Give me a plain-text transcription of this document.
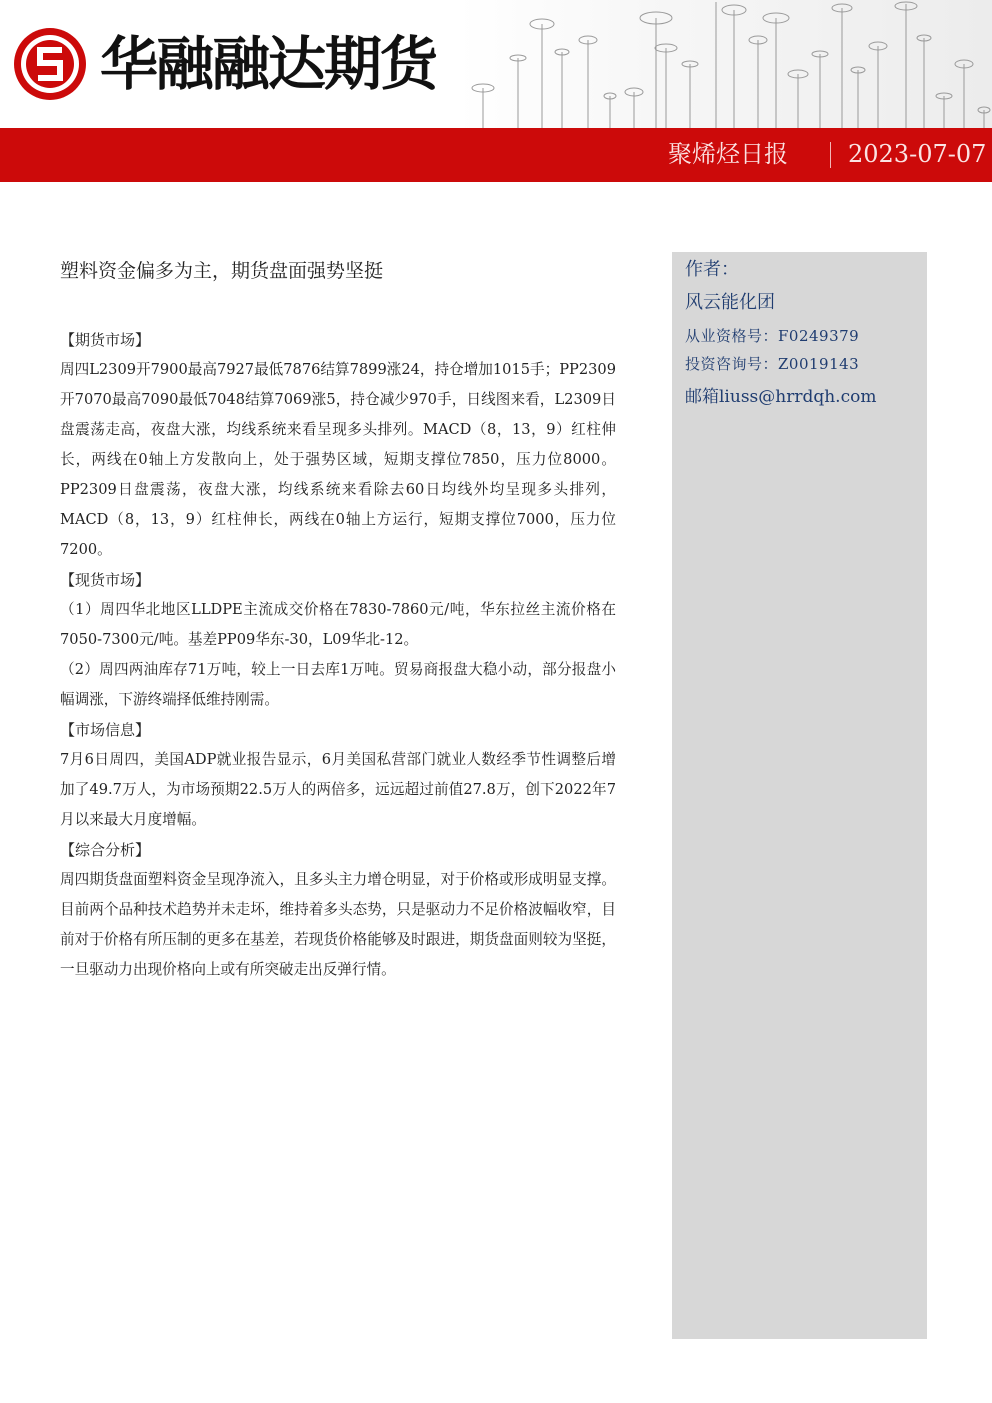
华融融达期货
聚烯烃日报	2023-07-07
塑料资金偏多为主，期货盘面强势坚挺

【期货市场】

周四L2309开7900最高7927最低7876结算7899涨24，持仓增加1015手；PP2309开7070最高7090最低7048结算7069涨5，持仓减少970手，日线图来看，L2309日盘震荡走高，夜盘大涨，均线系统来看呈现多头排列。MACD（8，13，9）红柱伸长，两线在0轴上方发散向上，处于强势区域，短期支撑位7850，压力位8000。PP2309日盘震荡，夜盘大涨，均线系统来看除去60日均线外均呈现多头排列，MACD（8，13，9）红柱伸长，两线在0轴上方运行，短期支撑位7000，压力位7200。

【现货市场】

（1）周四华北地区LLDPE主流成交价格在7830-7860元/吨，华东拉丝主流价格在7050-7300元/吨。基差PP09华东-30，L09华北-12。

（2）周四两油库存71万吨，较上一日去库1万吨。贸易商报盘大稳小动，部分报盘小幅调涨，下游终端择低维持刚需。

【市场信息】

7月6日周四，美国ADP就业报告显示，6月美国私营部门就业人数经季节性调整后增加了49.7万人，为市场预期22.5万人的两倍多，远远超过前值27.8万，创下2022年7月以来最大月度增幅。

【综合分析】

周四期货盘面塑料资金呈现净流入，且多头主力增仓明显，对于价格或形成明显支撑。目前两个品种技术趋势并未走坏，维持着多头态势，只是驱动力不足价格波幅收窄，目前对于价格有所压制的更多在基差，若现货价格能够及时跟进，期货盘面则较为坚挺，一旦驱动力出现价格向上或有所突破走出反弹行情。

作者：
风云能化团
从业资格号：F0249379
投资咨询号：Z0019143
邮箱liuss@hrrdqh.com
